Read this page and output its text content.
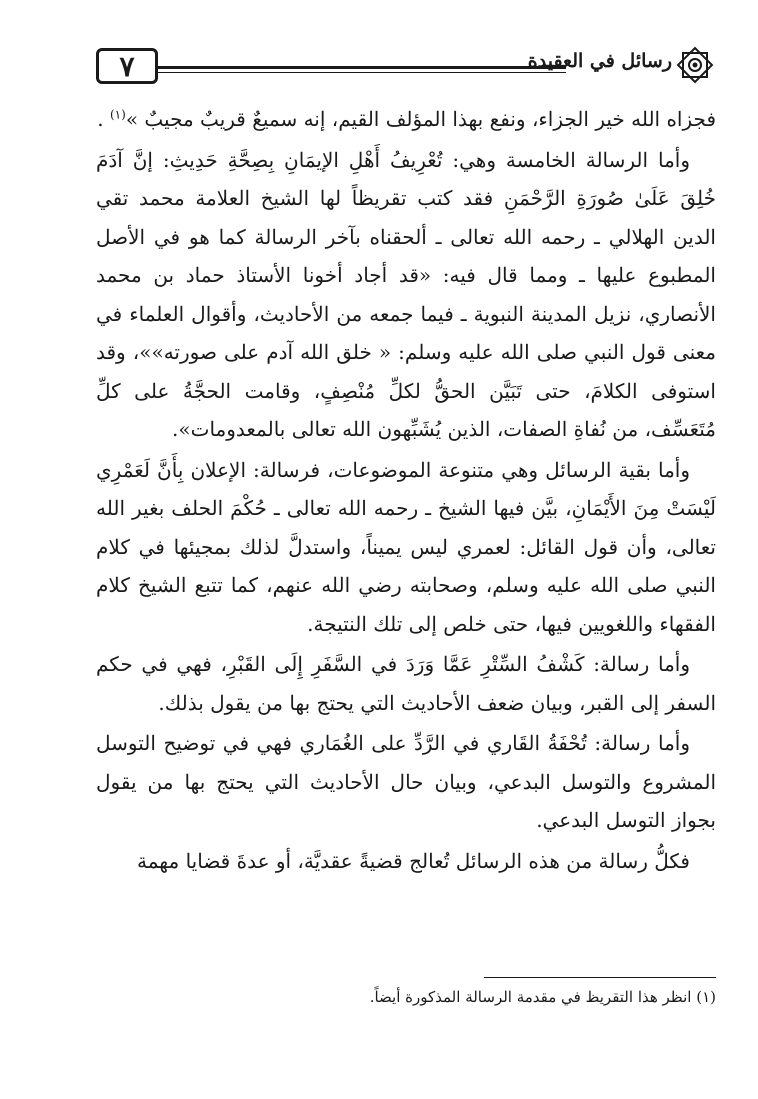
٧	رسائل في العقيدة

فجزاه الله خير الجزاء، ونفع بهذا المؤلف القيم، إنه سميعٌ قريبٌ مجيبٌ »$^{(١)}$ .

وأما الرسالة الخامسة وهي: تُعْرِيفُ أَهْلِ الإيمَانِ بِصِحَّةِ حَدِيثِ: إنَّ آدَمَ خُلِقَ عَلَىٰ صُورَةِ الرَّحْمَنِ فقد كتب تقريظاً لها الشيخ العلامة محمد تقي الدين الهلالي ـ رحمه الله تعالى ـ ألحقناه بآخر الرسالة كما هو في الأصل المطبوع عليها ـ ومما قال فيه: «قد أجاد أخونا الأستاذ حماد بن محمد الأنصاري، نزيل المدينة النبوية ـ فيما جمعه من الأحاديث، وأقوال العلماء في معنى قول النبي صلى الله عليه وسلم: « خلق الله آدم على صورته»»، وقد استوفى الكلامَ، حتى تَبَيَّن الحقُّ لكلِّ مُنْصِفٍ، وقامت الحجَّةُ على كلِّ مُتَعَسِّف، من نُفاةِ الصفات، الذين يُشَبِّهون الله تعالى بالمعدومات».

وأما بقية الرسائل وهي متنوعة الموضوعات، فرسالة: الإعلان بِأَنَّ لَعَمْرِي لَيْسَتْ مِنَ الأَيْمَانِ، بيَّن فيها الشيخ ـ رحمه الله تعالى ـ حُكْمَ الحلف بغير الله تعالى، وأن قول القائل: لعمري ليس يميناً، واستدلَّ لذلك بمجيئها في كلام النبي صلى الله عليه وسلم، وصحابته رضي الله عنهم، كما تتبع الشيخ كلام الفقهاء واللغويين فيها، حتى خلص إلى تلك النتيجة.

وأما رسالة: كَشْفُ السِّتْرِ عَمَّا وَرَدَ في السَّفَرِ إِلَى القَبْرِ، فهي في حكم السفر إلى القبر، وبيان ضعف الأحاديث التي يحتج بها من يقول بذلك.

وأما رسالة: تُحْفَةُ القَاري في الرَّدِّ على الغُمَاري فهي في توضيح التوسل المشروع والتوسل البدعي، وبيان حال الأحاديث التي يحتج بها من يقول بجواز التوسل البدعي.

فكلُّ رسالة من هذه الرسائل تُعالج قضيةً عقديَّة، أو عدةَ قضايا مهمة

(١) انظر هذا التقريظ في مقدمة الرسالة المذكورة أيضاً.
